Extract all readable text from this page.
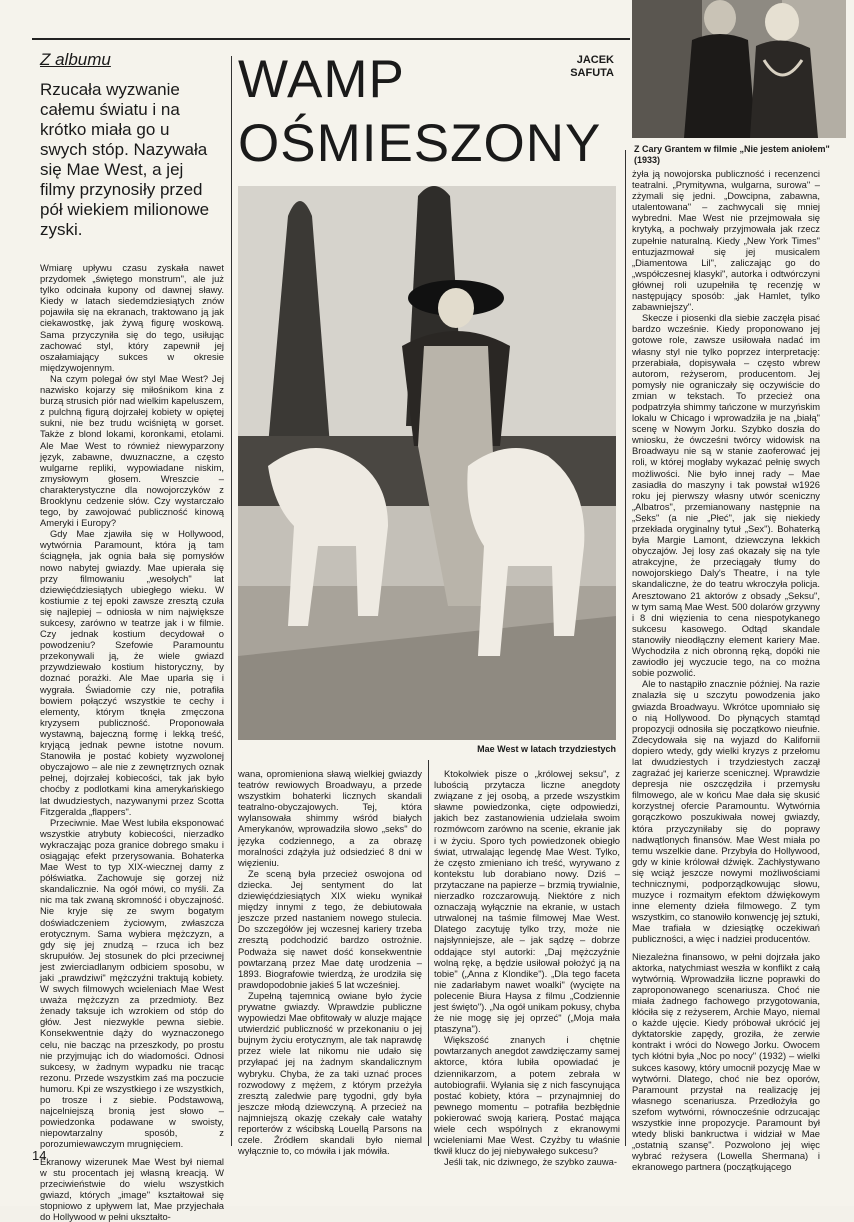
Z albumu
Rzucała wyzwanie całemu światu i na krótko miała go u swych stóp. Nazywała się Mae West, a jej filmy przynosiły przed pół wiekiem milionowe zyski.
WAMP
OŚMIESZONY
JACEK
SAFUTA
Z Cary Grantem w filmie „Nie jestem aniołem" (1933)
Mae West w latach trzydziestych

Wmiarę upływu czasu zyskała nawet przydomek „świętego monstrum", ale już tylko odcinała kupony od dawnej sławy. Kiedy w latach siedemdziesiątych znów pojawiła się na ekranach, traktowano ją jak ciekawostkę, jak żywą figurę woskową. Sama przyczyniła się do tego, usiłując zachować styl, który zapewnił jej oszałamiający sukces w okresie międzywojennym.

Na czym polegał ów styl Mae West? Jej nazwisko kojarzy się miłośnikom kina z burzą strusich piór nad wielkim kapeluszem, z pulchną figurą dojrzałej kobiety w opiętej sukni, nie bez trudu wciśniętą w gorset. Także z blond lokami, koronkami, etolami. Ale Mae West to również niewyparzony język, zabawne, dwuznaczne, a często wulgarne repliki, wypowiadane niskim, zmysłowym głosem. Wreszcie – charakterystyczne dla nowojorczyków z Brooklynu cedzenie słów. Czy wystarczało tego, by zawojować publiczność kinową Ameryki i Europy?

Gdy Mae zjawiła się w Hollywood, wytwórnia Paramount, która ją tam ściągnęła, jak ognia bała się pomysłów nowo nabytej gwiazdy. Mae upierała się przy filmowaniu „wesołych" lat dziewięćdziesiątych ubiegłego wieku. W kostiumie z tej epoki zawsze zresztą czuła się najlepiej – odniosła w nim największe sukcesy, zarówno w teatrze jak i w filmie. Czy jednak kostium decydował o powodzeniu? Szefowie Paramountu przekonywali ją, że wiele gwiazd przywdziewało kostium historyczny, by doznać porażki. Ale Mae uparła się i wygrała. Świadomie czy nie, potrafiła bowiem połączyć wszystkie te cechy i elementy, którym tknęła zmęczona kryzysem publiczność. Proponowała wystawną, bajeczną formę i lekką treść, kryjącą jednak pewne istotne novum. Stanowiła je postać kobiety wyzwolonej obyczajowo – ale nie z zewnętrznych oznak pełnej, dojrzałej kobiecości, tak jak było choćby z podlotkami kina amerykańskiego lat dwudziestych, nazywanymi przez Scotta Fitzgeralda „flappers".

Przeciwnie. Mae West lubiła eksponować wszystkie atrybuty kobiecości, nierzadko wykraczając poza granice dobrego smaku i osiągając efekt przerysowania. Bohaterka Mae West to typ XIX-wiecznej damy z półświatka. Zachowuje się gorzej niż skandalicznie. Na ogół mówi, co myśli. Za nic ma tak zwaną skromność i obyczajność. Nie kryje się ze swym bogatym doświadczeniem życiowym, zwłaszcza erotycznym. Sama wybiera mężczyzn, a gdy się jej znudzą – rzuca ich bez skrupułów. Jej stosunek do płci przeciwnej jest zwierciadlanym odbiciem sposobu, w jaki „prawdziwi" mężczyźni traktują kobiety. W swych filmowych wcieleniach Mae West uważa mężczyzn za przedmioty. Bez żenady taksuje ich wzrokiem od stóp do głów. Jest niezwykle pewna siebie. Konsekwentnie dąży do wyznaczonego celu, nie bacząc na przeszkody, po prostu nie przyjmując ich do wiadomości. Odnosi sukcesy, w żadnym wypadku nie tracąc rezonu. Przede wszystkim zaś ma poczucie humoru. Kpi ze wszystkiego i ze wszystkich, po trosze i z siebie. Podstawową, najcelniejszą bronią jest słowo – powiedzonka podawane w swoisty, niepowtarzalny sposób, z porozumiewawczym mrugnięciem.

Ekranowy wizerunek Mae West był niemal w stu procentach jej własną kreacją. W przeciwieństwie do wielu wszystkich gwiazd, których „image" kształtował się stopniowo z upływem lat, Mae przyjechała do Hollywood w pełni ukształto-

wana, opromieniona sławą wielkiej gwiazdy teatrów rewiowych Broadwayu, a przede wszystkim bohaterki licznych skandali teatralno-obyczajowych. Tej, która wylansowała shimmy wśród białych Amerykanów, wprowadziła słowo „seks" do języka codziennego, a za obrazę moralności zdążyła już odsiedzieć 8 dni w więzieniu.

Ze sceną była przecież oswojona od dziecka. Jej sentyment do lat dziewięćdziesiątych XIX wieku wynikał między innymi z tego, że debiutowała jeszcze przed nastaniem nowego stulecia. Do szczegółów jej wczesnej kariery trzeba zresztą podchodzić bardzo ostrożnie. Podważa się nawet dość konsekwentnie powtarzaną przez Mae datę urodzenia – 1893. Biografowie twierdzą, że urodziła się prawdopodobnie jakieś 5 lat wcześniej.

Zupełną tajemnicą owiane było życie prywatne gwiazdy. Wprawdzie publiczne wypowiedzi Mae obfitowały w aluzje mające utwierdzić publiczność w przekonaniu o jej bujnym życiu erotycznym, ale tak naprawdę przez wiele lat nikomu nie udało się przyłapać jej na żadnym skandalicznym wybryku. Chyba, że za taki uznać proces rozwodowy z mężem, z którym przeżyła zresztą zaledwie parę tygodni, gdy była jeszcze młodą dziewczyną. A przecież na najmniejszą okazję czekały całe watahy reporterów z wścibską Louellą Parsons na czele. Źródłem skandali było niemal wyłącznie to, co mówiła i jak mówiła.

Ktokolwiek pisze o „królowej seksu", z lubością przytacza liczne anegdoty związane z jej osobą, a przede wszystkim sławne powiedzonka, cięte odpowiedzi, jakich bez zastanowienia udzielała swoim rozmówcom zarówno na scenie, ekranie jak i w życiu. Sporo tych powiedzonek obiegło świat, utrwalając legendę Mae West. Tylko, że często zmieniano ich treść, wyrywano z kontekstu lub dorabiano nowy. Dziś – przytaczane na papierze – brzmią trywialnie, nierzadko rozczarowują. Niektóre z nich oznaczają wyłącznie na ekranie, w ustach utrwalonej na taśmie filmowej Mae West. Dlatego zacytuję tylko trzy, może nie najsłynniejsze, ale – jak sądzę – dobrze oddające styl autorki: „Daj mężczyźnie wolną rękę, a będzie usiłował położyć ją na tobie" („Anna z Klondike"). „Dla tego faceta nie zadarłabym nawet woalki" (wycięte na polecenie Biura Haysa z filmu „Codziennie jest święto"). „Na ogół unikam pokusy, chyba że nie mogę się jej oprzeć" („Moja mała ptaszyna").

Większość znanych i chętnie powtarzanych anegdot zawdzięczamy samej aktorce, która lubiła opowiadać je dziennikarzom, a potem zebrała w autobiografii. Wyłania się z nich fascynująca postać kobiety, która – przynajmniej do pewnego momentu – potrafiła bezbłędnie pokierować swoją karierą. Postać mająca wiele cech wspólnych z ekranowymi wcieleniami Mae West. Czyżby tu właśnie tkwił klucz do jej niebywałego sukcesu?

Jeśli tak, nic dziwnego, że szybko zauwa-

żyła ją nowojorska publiczność i recenzenci teatralni. „Prymitywna, wulgarna, surowa" – zżymali się jedni. „Dowcipna, zabawna, utalentowana" – zachwycali się mniej wybredni. Mae West nie przejmowała się krytyką, a pochwały przyjmowała jak rzecz zupełnie naturalną. Kiedy „New York Times" entuzjazmował się jej musicalem „Diamentowa Lil", zaliczając go do „współczesnej klasyki", autorka i odtwórczyni głównej roli uzupełniła tę recenzję w następujący sposób: „jak Hamlet, tylko zabawniejszy".

Skecze i piosenki dla siebie zaczęła pisać bardzo wcześnie. Kiedy proponowano jej gotowe role, zawsze usiłowała nadać im własny styl nie tylko poprzez interpretację: przerabiała, dopisywała – często wbrew autorom, reżyserom, producentom. Jej pomysły nie ograniczały się oczywiście do zmian w tekstach. To przecież ona podpatrzyła shimmy tańczone w murzyńskim lokalu w Chicago i wprowadziła je na „białą" scenę w Nowym Jorku. Szybko doszła do wniosku, że ówcześni twórcy widowisk na Broadwayu nie są w stanie zaoferować jej roli, w której mogłaby wykazać pełnię swych możliwości. Nie było innej rady – Mae zasiadła do maszyny i tak powstał w1926 roku jej pierwszy własny utwór sceniczny „Albatros", przemianowany następnie na „Seks" (a nie „Płeć", jak się niekiedy przekłada oryginalny tytuł „Sex"). Bohaterką była Margie Lamont, dziewczyna lekkich obyczajów. Jej losy zaś okazały się na tyle atrakcyjne, że przeciągały tłumy do nowojorskiego Daly's Theatre, i na tyle skandaliczne, że do teatru wkroczyła policja. Aresztowano 21 aktorów z obsady „Seksu", w tym samą Mae West. 500 dolarów grzywny i 8 dni więzienia to cena niespotykanego sukcesu kasowego. Odtąd skandale stanowiły nieodłączny element kariery Mae. Wychodziła z nich obronną ręką, dopóki nie zawiodło jej wyczucie tego, na co można sobie pozwolić.

Ale to nastąpiło znacznie później. Na razie znalazła się u szczytu powodzenia jako gwiazda Broadwayu. Wkrótce upomniało się o nią Hollywood. Do płynących stamtąd propozycji odnosiła się początkowo nieufnie. Zdecydowała się na wyjazd do Kalifornii dopiero wtedy, gdy wielki kryzys z przełomu lat dwudziestych i trzydziestych zaczął zagrażać jej karierze scenicznej. Wprawdzie depresja nie oszczędziła i przemysłu filmowego, ale w końcu Mae dała się skusić korzystnej ofercie Paramountu. Wytwórnia gorączkowo poszukiwała nowej gwiazdy, która przyczyniłaby się do poprawy nadwątlonych finansów. Mae West miała po temu wszelkie dane. Przybyła do Hollywood, gdy w kinie królował dźwięk. Zachłystywano się wciąż jeszcze nowymi możliwościami technicznymi, podporządkowując słowu, muzyce i rozmaitym efektom dźwiękowym inne elementy dzieła filmowego. Z tym wszystkim, co stanowiło konwencję jej sztuki, Mae trafiała w dziesiątkę oczekiwań publiczności, a więc i nadziei producentów.

Niezależna finansowo, w pełni dojrzała jako aktorka, natychmiast weszła w konflikt z całą wytwórnią. Wprowadziła liczne poprawki do zaproponowanego scenariusza. Choć nie miała żadnego fachowego przygotowania, kłóciła się z reżyserem, Archie Mayo, niemal o każde ujęcie. Kiedy próbował ukrócić jej dyktatorskie zapędy, groziła, że zerwie kontrakt i wróci do Nowego Jorku. Owocem tych kłótni była „Noc po nocy" (1932) – wielki sukces kasowy, który umocnił pozycję Mae w wytwórni. Dlatego, choć nie bez oporów, Paramount przystał na realizację jej własnego scenariusza. Przedłożyła go szefom wytwórni, równocześnie odrzucając wszystkie inne propozycje. Paramount był wtedy bliski bankructwa i widział w Mae „ostatnią szansę". Pozwolono jej więc wybrać reżysera (Lowella Shermana) i ekranowego partnera (początkującego

14
